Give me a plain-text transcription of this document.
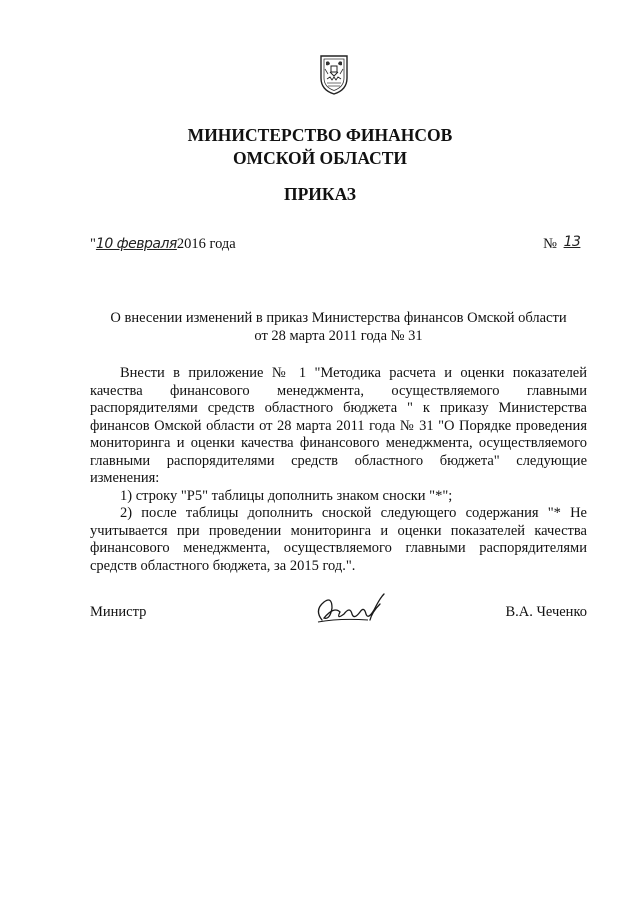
МИНИСТЕРСТВО ФИНАНСОВ
ОМСКОЙ ОБЛАСТИ
ПРИКАЗ
"10 февраля2016 года	№ 13
О внесении изменений в приказ Министерства финансов Омской области
от 28 марта 2011 года № 31

Внести в приложение № 1 "Методика расчета и оценки показателей качества финансового менеджмента, осуществляемого главными распорядителями средств областного бюджета " к приказу Министерства финансов Омской области от 28 марта 2011 года № 31 "О Порядке проведения мониторинга и оценки качества финансового менеджмента, осуществляемого главными распорядителями средств областного бюджета" следующие изменения:

1) строку "Р5" таблицы дополнить знаком сноски "*";

2) после таблицы дополнить сноской следующего содержания "* Не учитывается при проведении мониторинга и оценки показателей качества финансового менеджмента, осуществляемого главными распорядителями средств областного бюджета, за 2015 год.".

Министр	В.А. Чеченко
